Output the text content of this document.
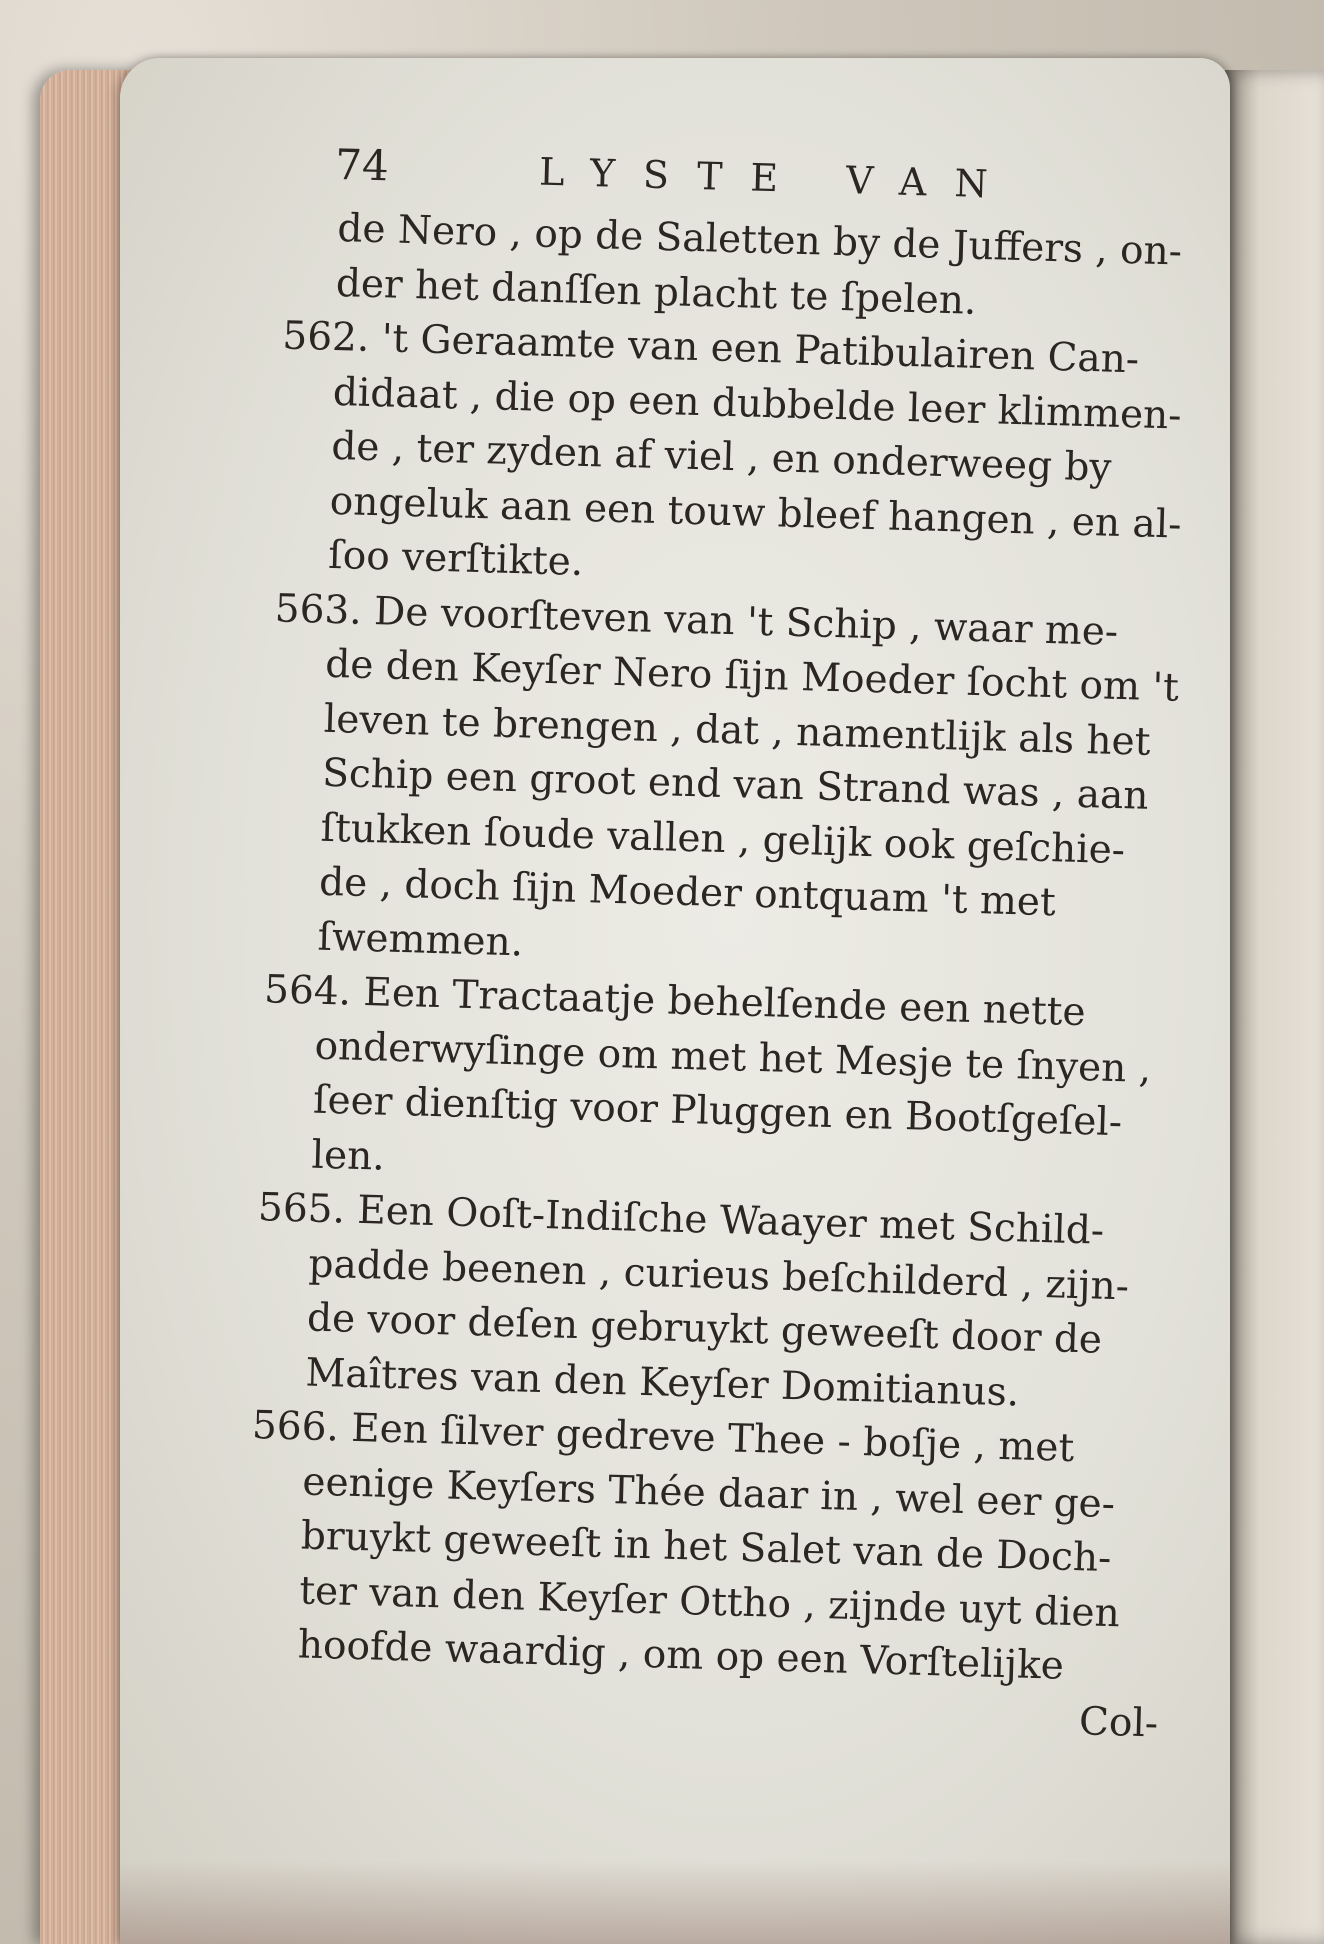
74	LYSTE VAN
de Nero , op de Saletten by de Juffers , on-
der het danſſen placht te ſpelen.
562. 't Geraamte van een Patibulairen Can-
didaat , die op een dubbelde leer klimmen-
de , ter zyden af viel , en onderweeg by
ongeluk aan een touw bleef hangen , en al-
ſoo verſtikte.
563. De voorſteven van 't Schip , waar me-
de den Keyſer Nero ſijn Moeder ſocht om 't
leven te brengen , dat , namentlijk als het
Schip een groot end van Strand was , aan
ſtukken ſoude vallen , gelijk ook geſchie-
de , doch ſijn Moeder ontquam 't met
ſwemmen.
564. Een Tractaatje behelſende een nette
onderwyſinge om met het Mesje te ſnyen ,
ſeer dienſtig voor Pluggen en Bootſgeſel-
len.
565. Een Ooſt-Indiſche Waayer met Schild-
padde beenen , curieus beſchilderd , zijn-
de voor deſen gebruykt geweeſt door de
Maîtres van den Keyſer Domitianus.
566. Een ſilver gedreve Thee - boſje , met
eenige Keyſers Thée daar in , wel eer ge-
bruykt geweeſt in het Salet van de Doch-
ter van den Keyſer Ottho , zijnde uyt dien
hoofde waardig , om op een Vorſtelijke
Col-
